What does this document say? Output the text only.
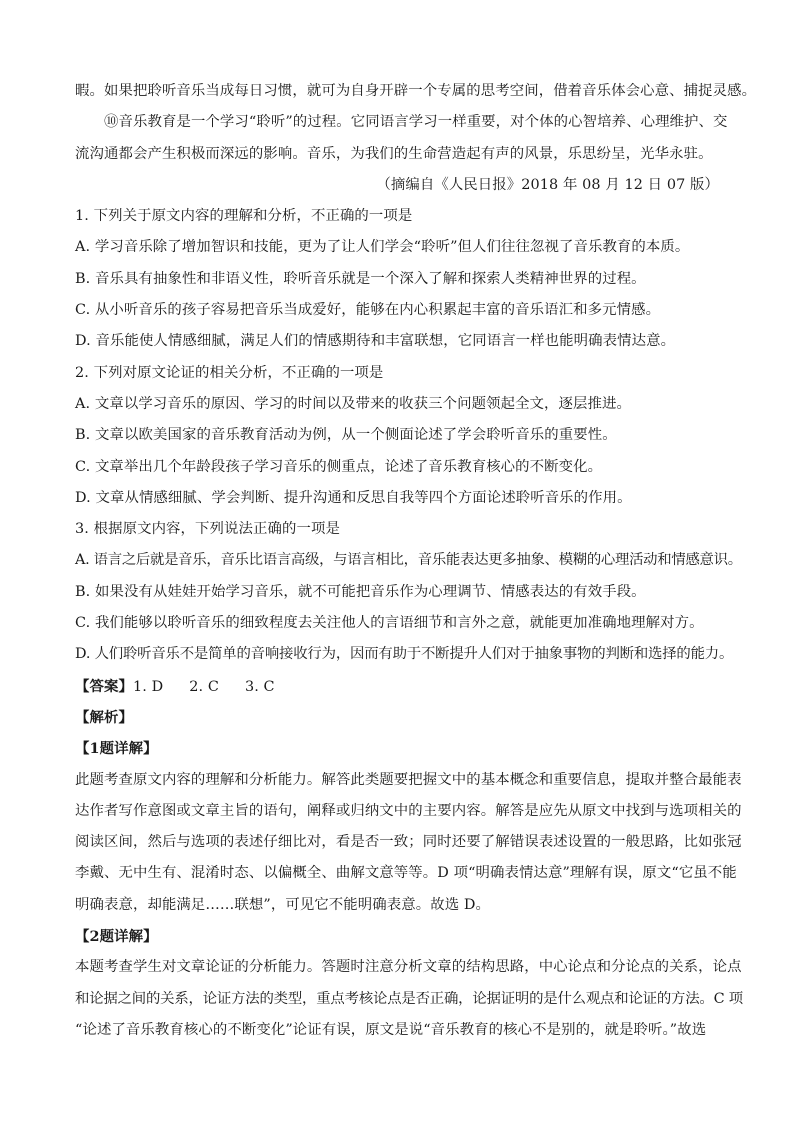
暇。如果把聆听音乐当成每日习惯，就可为自身开辟一个专属的思考空间，借着音乐体会心意、捕捉灵感。
⑩音乐教育是一个学习“聆听”的过程。它同语言学习一样重要，对个体的心智培养、心理维护、交
流沟通都会产生积极而深远的影响。音乐，为我们的生命营造起有声的风景，乐思纷呈，光华永驻。
（摘编自《人民日报》2018 年 08 月 12 日 07 版）
1. 下列关于原文内容的理解和分析，不正确的一项是
A. 学习音乐除了增加智识和技能，更为了让人们学会“聆听”但人们往往忽视了音乐教育的本质。
B. 音乐具有抽象性和非语义性，聆听音乐就是一个深入了解和探索人类精神世界的过程。
C. 从小听音乐的孩子容易把音乐当成爱好，能够在内心积累起丰富的音乐语汇和多元情感。
D. 音乐能使人情感细腻，满足人们的情感期待和丰富联想，它同语言一样也能明确表情达意。
2. 下列对原文论证的相关分析，不正确的一项是
A. 文章以学习音乐的原因、学习的时间以及带来的收获三个问题领起全文，逐层推进。
B. 文章以欧美国家的音乐教育活动为例，从一个侧面论述了学会聆听音乐的重要性。
C. 文章举出几个年龄段孩子学习音乐的侧重点，论述了音乐教育核心的不断变化。
D. 文章从情感细腻、学会判断、提升沟通和反思自我等四个方面论述聆听音乐的作用。
3. 根据原文内容，下列说法正确的一项是
A. 语言之后就是音乐，音乐比语言高级，与语言相比，音乐能表达更多抽象、模糊的心理活动和情感意识。
B. 如果没有从娃娃开始学习音乐，就不可能把音乐作为心理调节、情感表达的有效手段。
C. 我们能够以聆听音乐的细致程度去关注他人的言语细节和言外之意，就能更加准确地理解对方。
D. 人们聆听音乐不是简单的音响接收行为，因而有助于不断提升人们对于抽象事物的判断和选择的能力。
【答案】1. D 2. C 3. C
【解析】
【1题详解】
此题考查原文内容的理解和分析能力。解答此类题要把握文中的基本概念和重要信息，提取并整合最能表
达作者写作意图或文章主旨的语句，阐释或归纳文中的主要内容。解答是应先从原文中找到与选项相关的
阅读区间，然后与选项的表述仔细比对，看是否一致；同时还要了解错误表述设置的一般思路，比如张冠
李戴、无中生有、混淆时态、以偏概全、曲解文意等等。D 项“明确表情达意”理解有误，原文“它虽不能
明确表意，却能满足……联想”，可见它不能明确表意。故选 D。
【2题详解】
本题考查学生对文章论证的分析能力。答题时注意分析文章的结构思路，中心论点和分论点的关系，论点
和论据之间的关系，论证方法的类型，重点考核论点是否正确，论据证明的是什么观点和论证的方法。C 项
“论述了音乐教育核心的不断变化”论证有误，原文是说“音乐教育的核心不是别的，就是聆听。”故选
